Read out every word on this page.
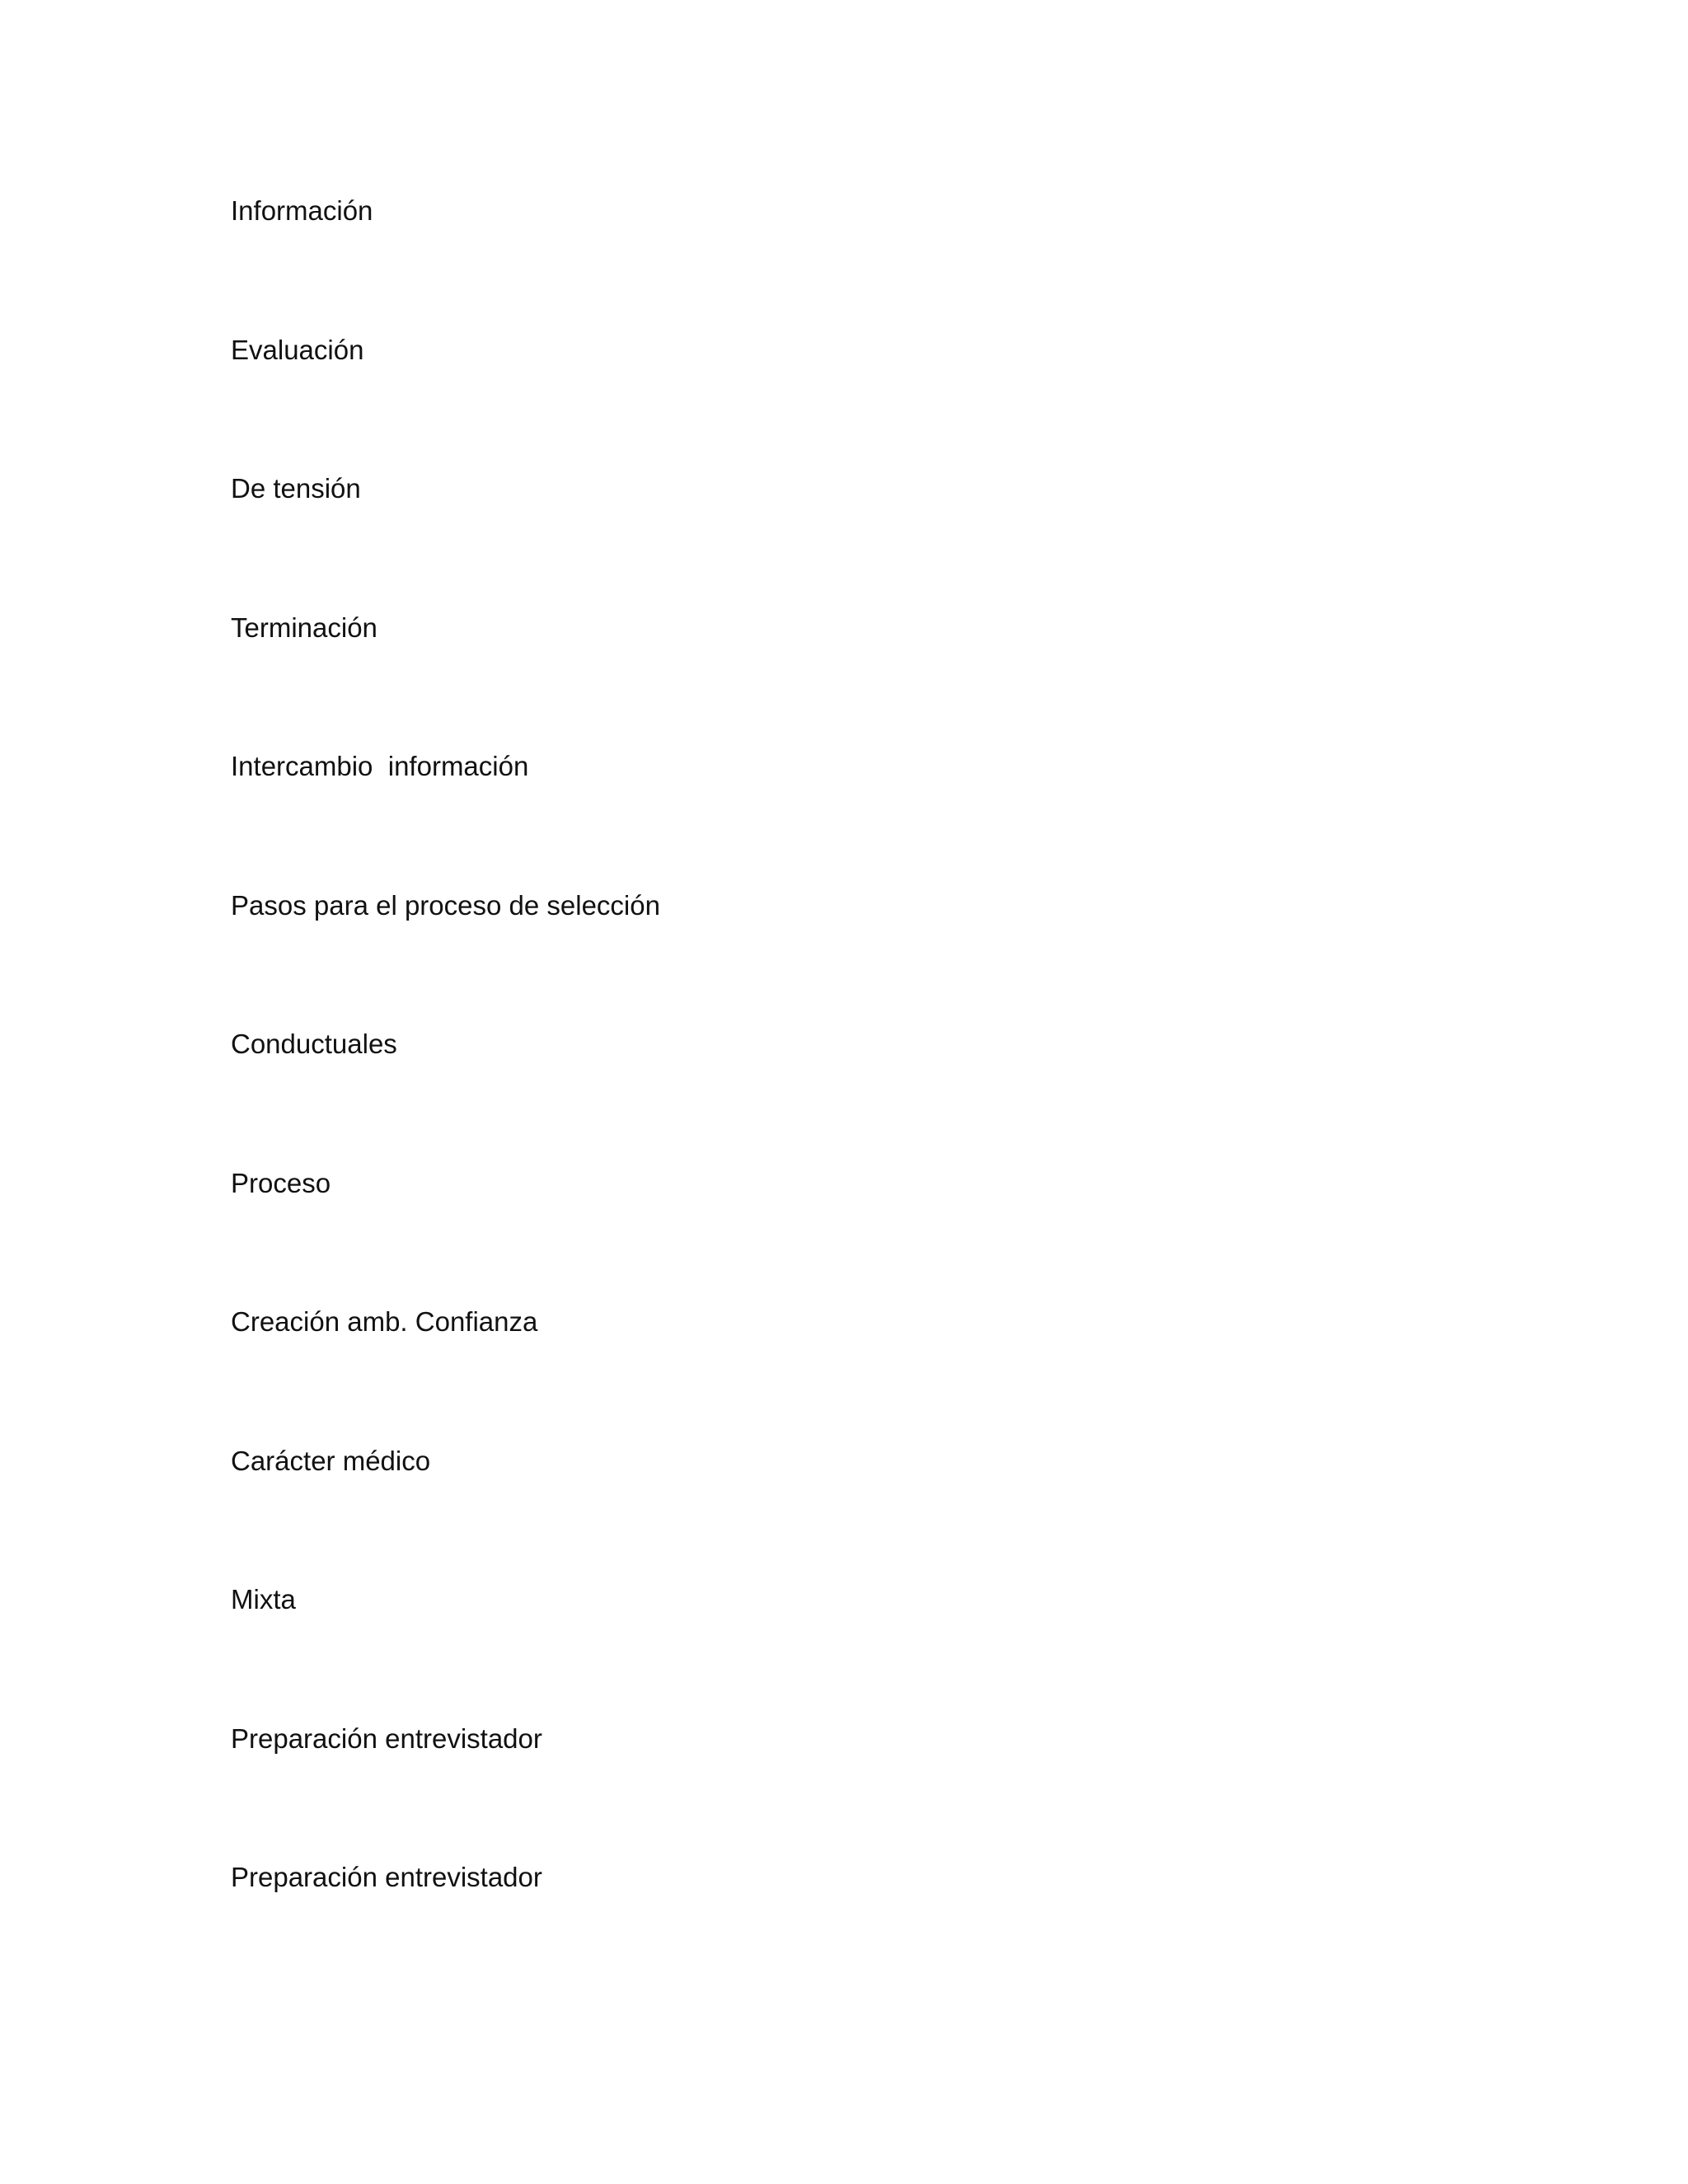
Información
Evaluación
De tensión
Terminación
Intercambio  información
Pasos para el proceso de selección
Conductuales
Proceso
Creación amb. Confianza
Carácter médico
Mixta
Preparación entrevistador
Preparación entrevistador
